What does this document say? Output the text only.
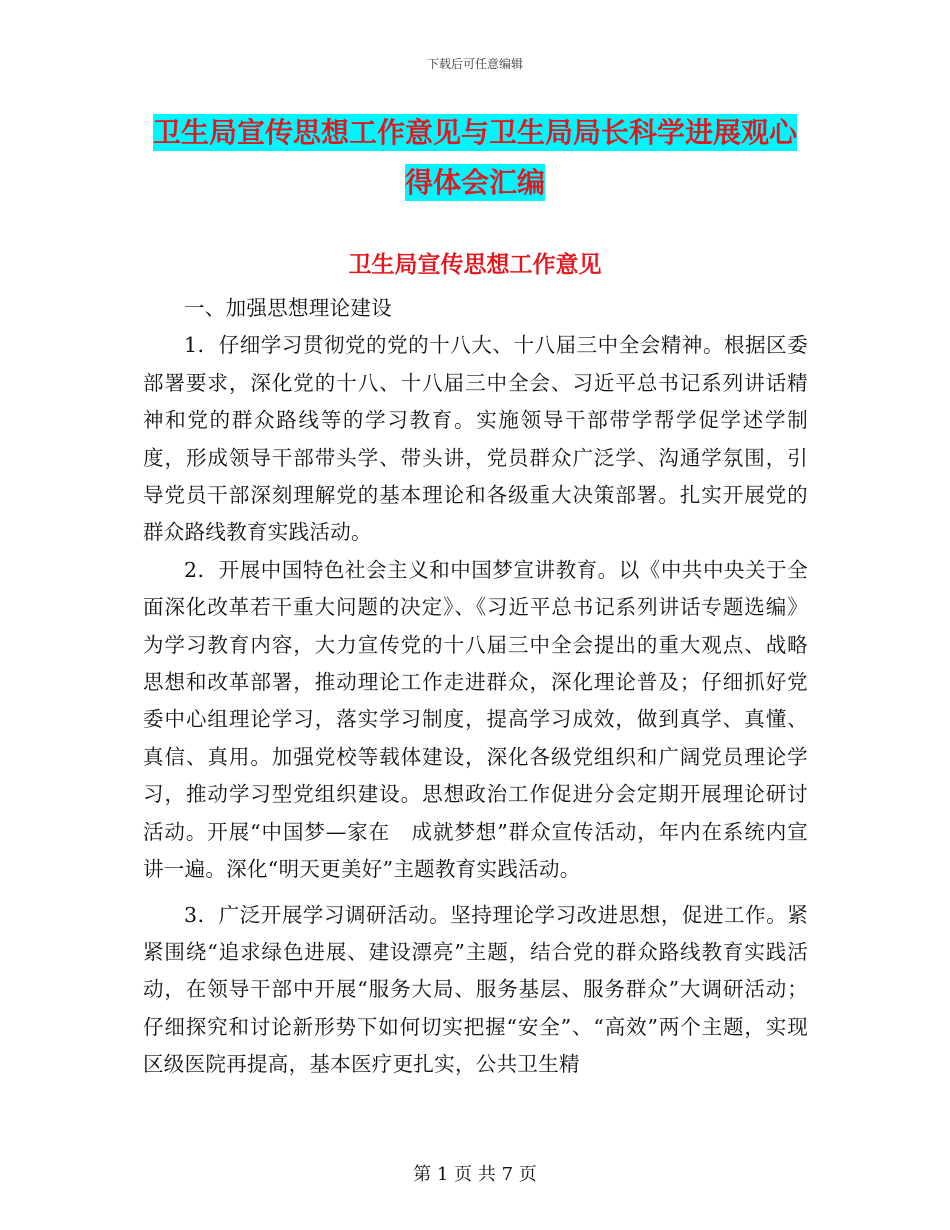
下载后可任意编辑
卫生局宣传思想工作意见与卫生局局长科学进展观心
得体会汇编
卫生局宣传思想工作意见

一、加强思想理论建设

1．仔细学习贯彻党的党的十八大、十八届三中全会精神。根据区委部署要求，深化党的十八、十八届三中全会、习近平总书记系列讲话精神和党的群众路线等的学习教育。实施领导干部带学帮学促学述学制度，形成领导干部带头学、带头讲，党员群众广泛学、沟通学氛围，引导党员干部深刻理解党的基本理论和各级重大决策部署。扎实开展党的群众路线教育实践活动。

2．开展中国特色社会主义和中国梦宣讲教育。以《中共中央关于全面深化改革若干重大问题的决定》、《习近平总书记系列讲话专题选编》为学习教育内容，大力宣传党的十八届三中全会提出的重大观点、战略思想和改革部署，推动理论工作走进群众，深化理论普及；仔细抓好党委中心组理论学习，落实学习制度，提高学习成效，做到真学、真懂、真信、真用。加强党校等载体建设，深化各级党组织和广阔党员理论学习，推动学习型党组织建设。思想政治工作促进分会定期开展理论研讨活动。开展“中国梦—家在　成就梦想”群众宣传活动，年内在系统内宣讲一遍。深化“明天更美好”主题教育实践活动。

3．广泛开展学习调研活动。坚持理论学习改进思想，促进工作。紧紧围绕“追求绿色进展、建设漂亮”主题，结合党的群众路线教育实践活动，在领导干部中开展“服务大局、服务基层、服务群众”大调研活动；仔细探究和讨论新形势下如何切实把握“安全”、“高效”两个主题，实现区级医院再提高，基本医疗更扎实，公共卫生精

第 1 页 共 7 页
